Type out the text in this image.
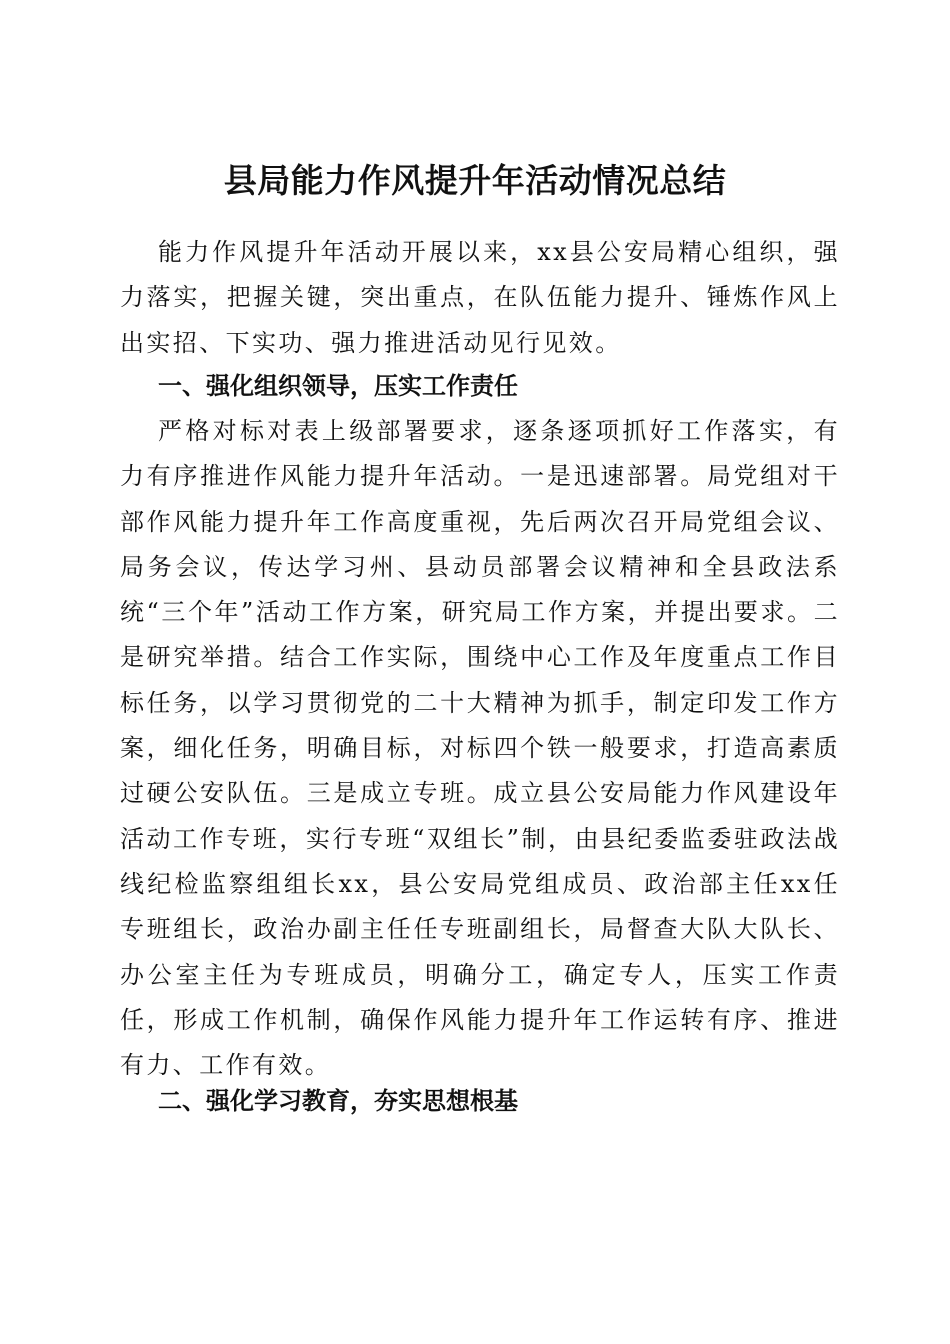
县局能力作风提升年活动情况总结

能力作风提升年活动开展以来，xx县公安局精心组织，强力落实，把握关键，突出重点，在队伍能力提升、锤炼作风上出实招、下实功、强力推进活动见行见效。

一、强化组织领导，压实工作责任

严格对标对表上级部署要求，逐条逐项抓好工作落实，有力有序推进作风能力提升年活动。一是迅速部署。局党组对干部作风能力提升年工作高度重视，先后两次召开局党组会议、局务会议，传达学习州、县动员部署会议精神和全县政法系统“三个年”活动工作方案，研究局工作方案，并提出要求。二是研究举措。结合工作实际，围绕中心工作及年度重点工作目标任务，以学习贯彻党的二十大精神为抓手，制定印发工作方案，细化任务，明确目标，对标四个铁一般要求，打造高素质过硬公安队伍。三是成立专班。成立县公安局能力作风建设年活动工作专班，实行专班“双组长”制，由县纪委监委驻政法战线纪检监察组组长xx，县公安局党组成员、政治部主任xx任专班组长，政治办副主任任专班副组长，局督查大队大队长、办公室主任为专班成员，明确分工，确定专人，压实工作责任，形成工作机制，确保作风能力提升年工作运转有序、推进有力、工作有效。

二、强化学习教育，夯实思想根基
